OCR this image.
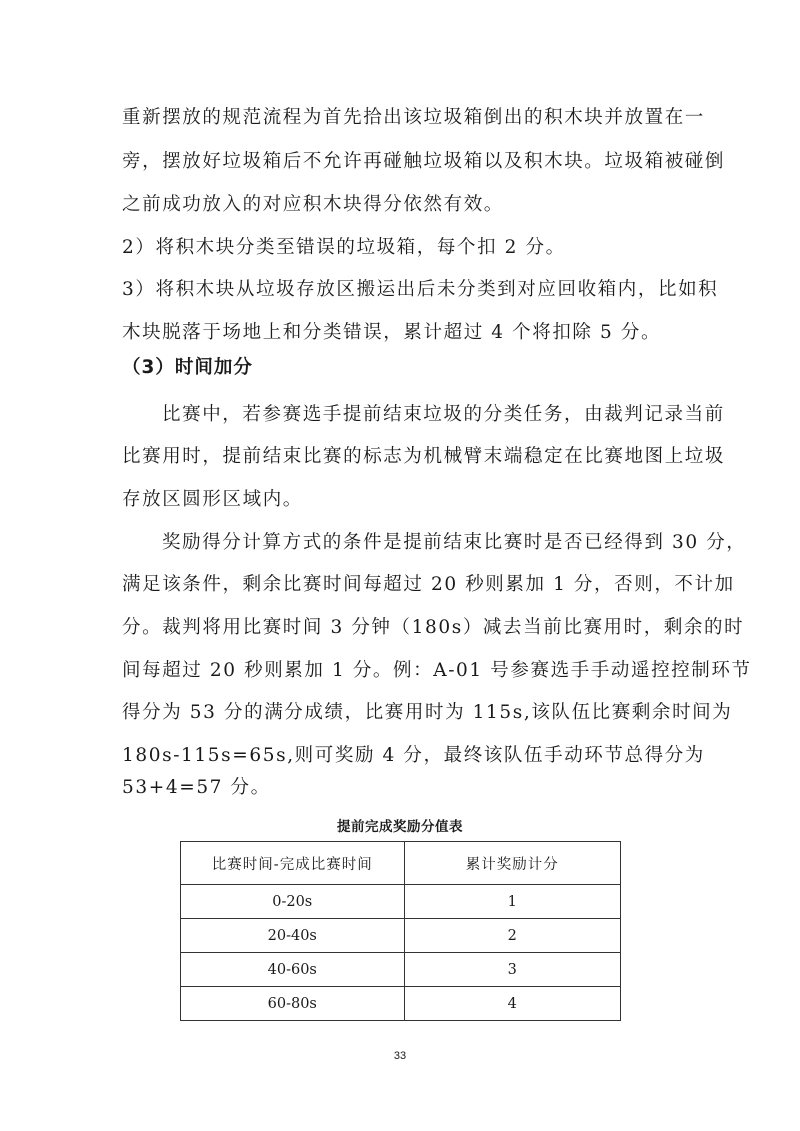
重新摆放的规范流程为首先拾出该垃圾箱倒出的积木块并放置在一
旁，摆放好垃圾箱后不允许再碰触垃圾箱以及积木块。垃圾箱被碰倒
之前成功放入的对应积木块得分依然有效。
2）将积木块分类至错误的垃圾箱，每个扣 2 分。
3）将积木块从垃圾存放区搬运出后未分类到对应回收箱内，比如积
木块脱落于场地上和分类错误，累计超过 4 个将扣除 5 分。
（3）时间加分
比赛中，若参赛选手提前结束垃圾的分类任务，由裁判记录当前
比赛用时，提前结束比赛的标志为机械臂末端稳定在比赛地图上垃圾
存放区圆形区域内。
奖励得分计算方式的条件是提前结束比赛时是否已经得到 30 分，
满足该条件，剩余比赛时间每超过 20 秒则累加 1 分，否则，不计加
分。裁判将用比赛时间 3 分钟（180s）减去当前比赛用时，剩余的时
间每超过 20 秒则累加 1 分。例：A-01 号参赛选手手动遥控控制环节
得分为 53 分的满分成绩，比赛用时为 115s,该队伍比赛剩余时间为
180s-115s=65s,则可奖励 4 分，最终该队伍手动环节总得分为
53+4=57 分。
提前完成奖励分值表
比赛时间-完成比赛时间	累计奖励计分
0-20s	1
20-40s	2
40-60s	3
60-80s	4
33
